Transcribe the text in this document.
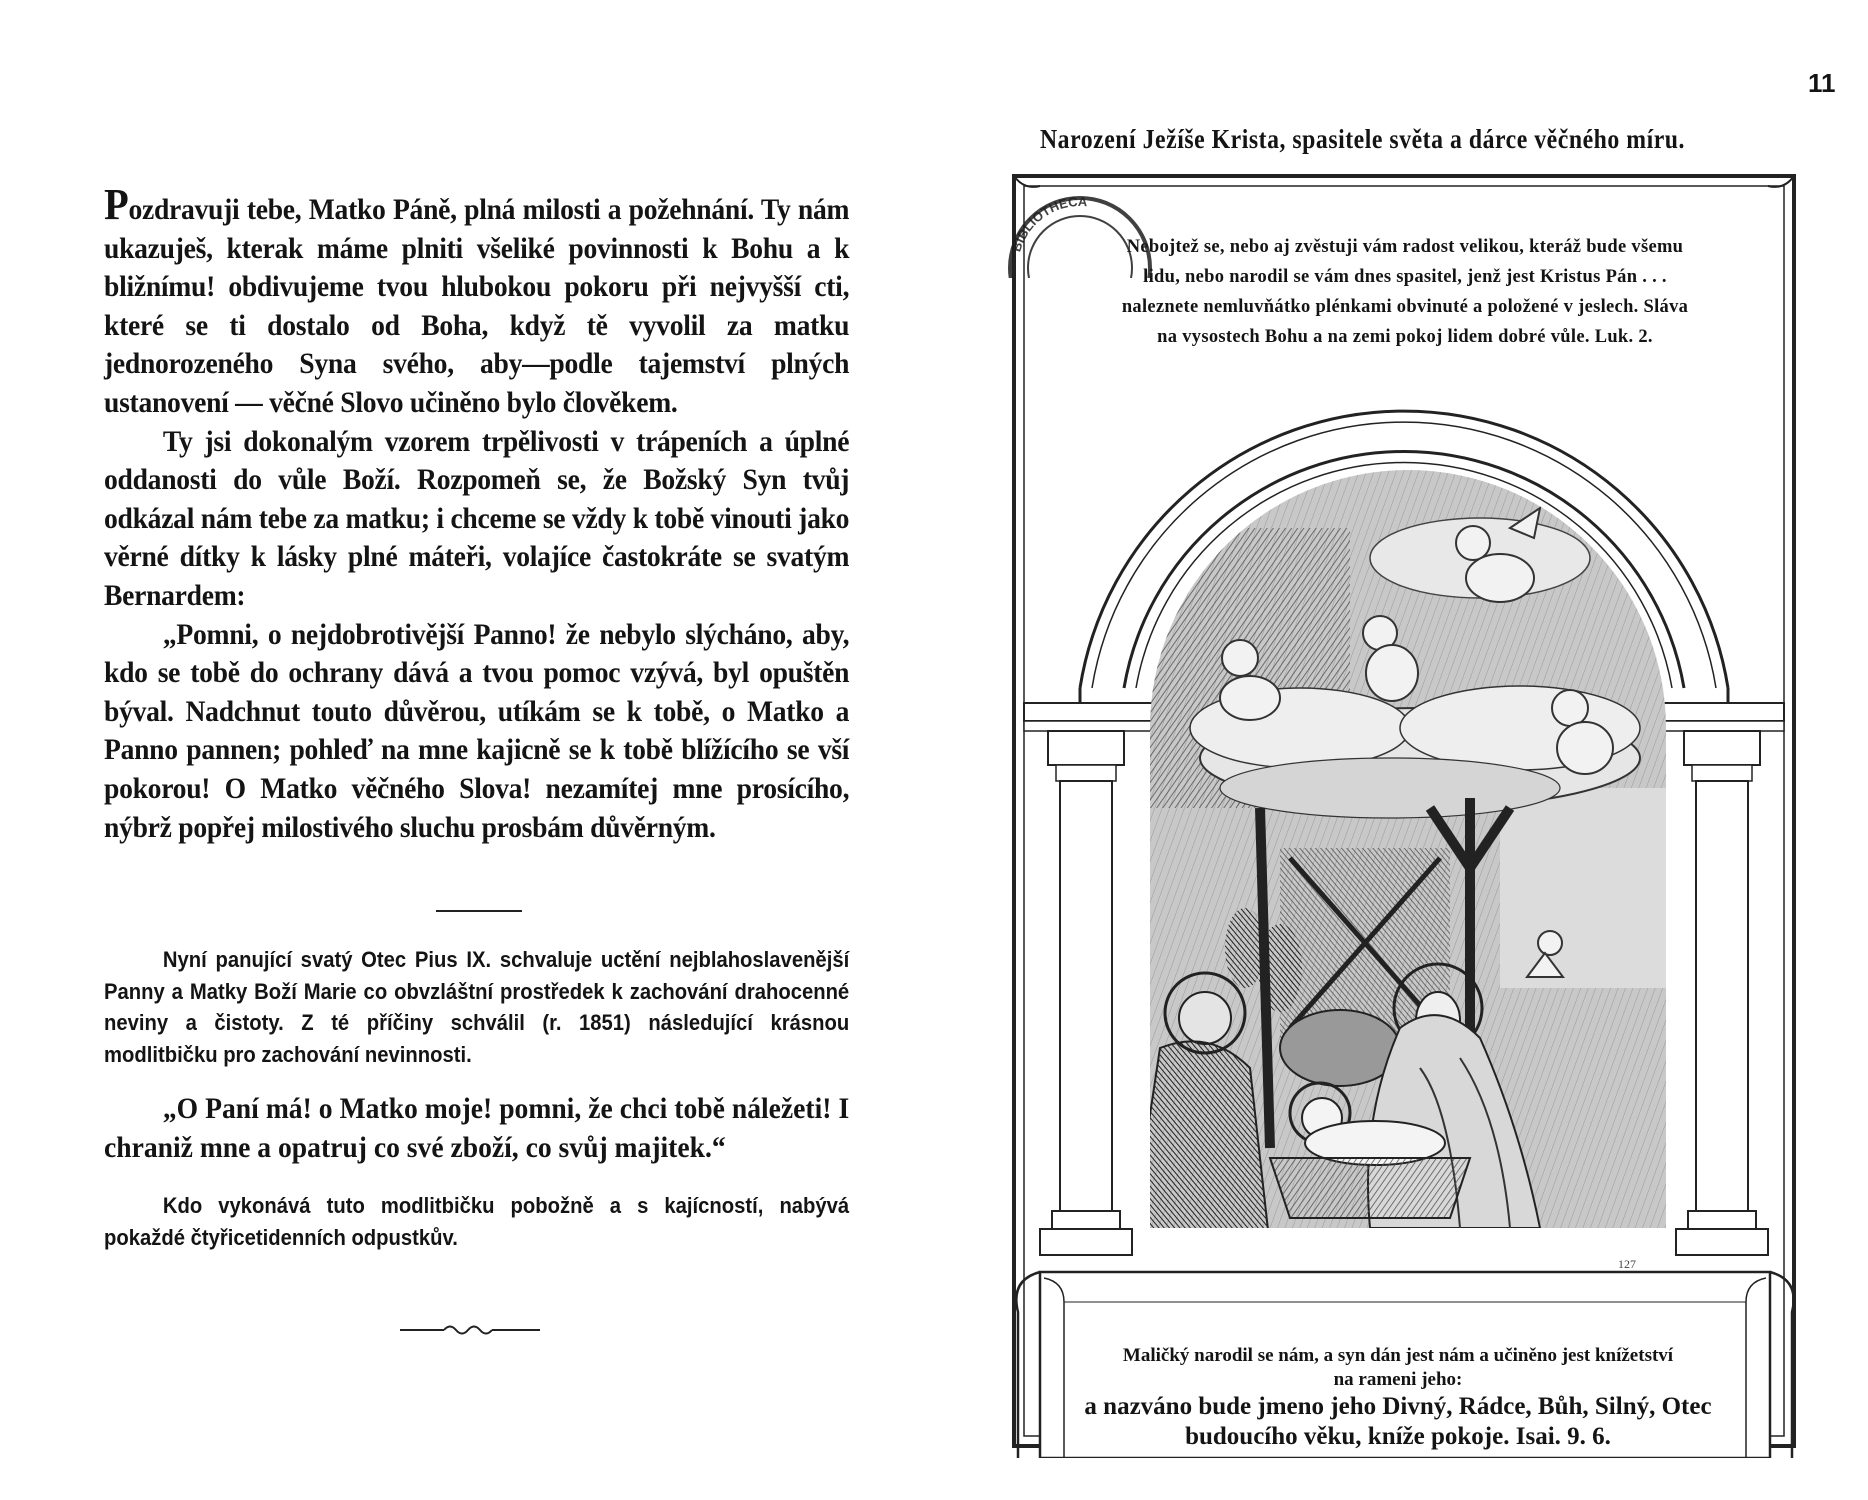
Pozdravuji tebe, Matko Páně, plná milosti a požehnání. Ty nám ukazuješ, kterak máme plniti všeliké povinnosti k Bohu a k bližnímu! obdivujeme tvou hlubokou pokoru při nejvyšší cti, které se ti dostalo od Boha, když tě vyvolil za matku jednorozeného Syna svého, aby—podle tajemství plných ustanovení — věčné Slovo učiněno bylo člověkem.

Ty jsi dokonalým vzorem trpělivosti v trápeních a úplné oddanosti do vůle Boží. Rozpomeň se, že Božský Syn tvůj odkázal nám tebe za matku; i chceme se vždy k tobě vinouti jako věrné dítky k lásky plné máteři, volajíce častokráte se svatým Bernardem:

„Pomni, o nejdobrotivější Panno! že nebylo slýcháno, aby, kdo se tobě do ochrany dává a tvou pomoc vzývá, byl opuštěn býval. Nadchnut touto důvěrou, utíkám se k tobě, o Matko a Panno pannen; pohleď na mne kajicně se k tobě blížícího se vší pokorou! O Matko věčného Slova! nezamítej mne prosícího, nýbrž popřej milostivého sluchu prosbám důvěrným.

Nyní panující svatý Otec Pius IX. schvaluje uctění nejblahoslavenější Panny a Matky Boží Marie co obvzláštní prostředek k zachování drahocenné neviny a čistoty. Z té příčiny schválil (r. 1851) následující krásnou modlitbičku pro zachování nevinnosti.

„O Paní má! o Matko moje! pomni, že chci tobě náležeti! I chraniž mne a opatruj co své zboží, co svůj majitek.“

Kdo vykonává tuto modlitbičku pobožně a s kajícností, nabývá pokaždé čtyřicetidenních odpustkův.

11
Narození Ježíše Krista, spasitele světa a dárce věčného míru.
127
Nebojtež se, nebo aj zvěstuji vám radost velikou, kteráž bude všemu
lidu, nebo narodil se vám dnes spasitel, jenž jest Kristus Pán . . .
naleznete nemluvňátko plénkami obvinuté a položené v jeslech. Sláva
na vysostech Bohu a na zemi pokoj lidem dobré vůle. Luk. 2.
Maličký narodil se nám, a syn dán jest nám a učiněno jest knížetství
na rameni jeho:
a nazváno bude jmeno jeho Divný, Rádce, Bůh, Silný, Otec
budoucího věku, kníže pokoje. Isai. 9. 6.
BIBLIOTHECA
